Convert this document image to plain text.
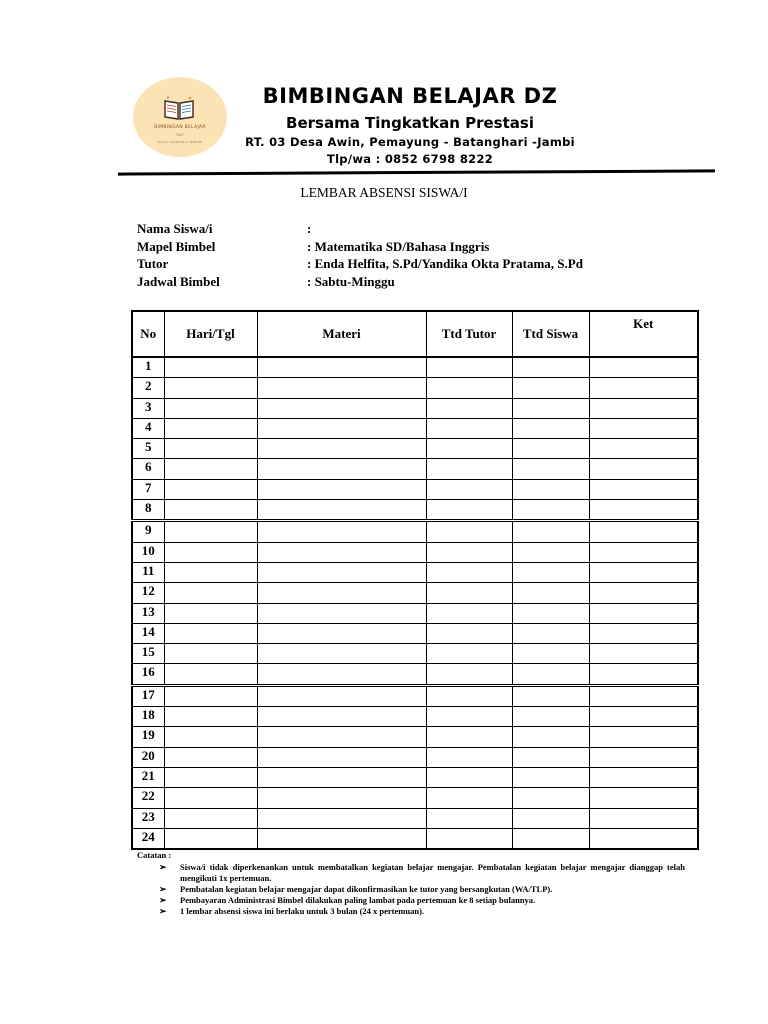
BIMBINGAN BELAJAR
"DZ"
BASIC LEARNING CENTRE
BIMBINGAN BELAJAR DZ
Bersama Tingkatkan Prestasi
RT. 03 Desa Awin, Pemayung - Batanghari -Jambi
Tlp/wa : 0852 6798 8222
LEMBAR ABSENSI SISWA/I
Nama Siswa/i	:
Mapel Bimbel	: Matematika SD/Bahasa Inggris
Tutor	: Enda Helfita, S.Pd/Yandika Okta Pratama, S.Pd
Jadwal Bimbel	: Sabtu-Minggu
No	Hari/Tgl	Materi	Ttd Tutor	Ttd Siswa	Ket
1					
2					
3					
4					
5					
6					
7					
8					
9					
10					
11					
12					
13					
14					
15					
16					
17					
18					
19					
20					
21					
22					
23					
24					
Catatan :
➢ Siswa/i tidak diperkenankan untuk membatalkan kegiatan belajar mengajar. Pembatalan kegiatan belajar mengajar dianggap telah mengikuti 1x pertemuan.
➢ Pembatalan kegiatan belajar mengajar dapat dikonfirmasikan ke tutor yang bersangkutan (WA/TLP).
➢ Pembayaran Administrasi Bimbel dilakukan paling lambat pada pertemuan ke 8 setiap bulannya.
➢ 1 lembar absensi siswa ini berlaku untuk 3 bulan (24 x pertemuan).
